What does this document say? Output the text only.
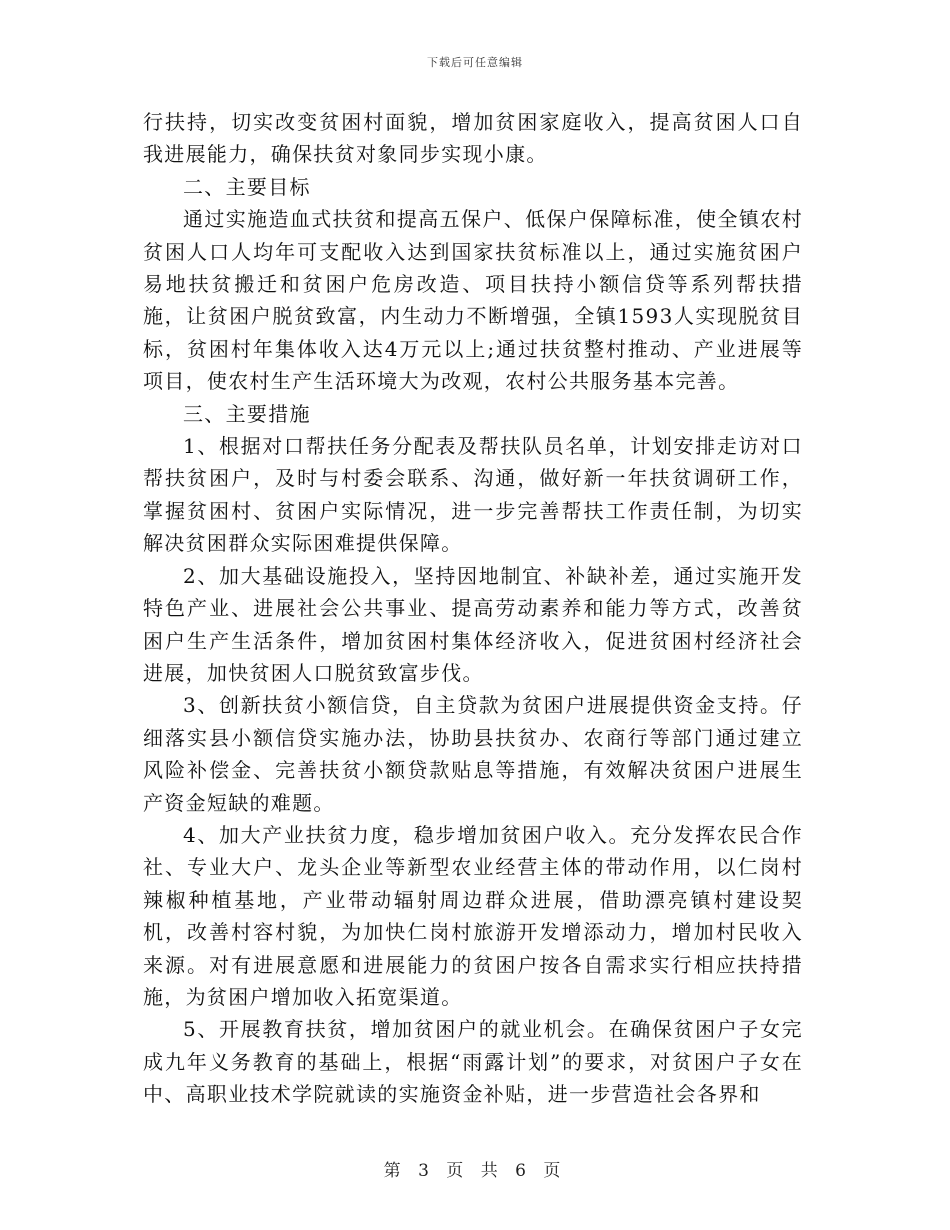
下载后可任意编辑

行扶持，切实改变贫困村面貌，增加贫困家庭收入，提高贫困人口自我进展能力，确保扶贫对象同步实现小康。

二、主要目标

通过实施造血式扶贫和提高五保户、低保户保障标准，使全镇农村贫困人口人均年可支配收入达到国家扶贫标准以上，通过实施贫困户易地扶贫搬迁和贫困户危房改造、项目扶持小额信贷等系列帮扶措施，让贫困户脱贫致富，内生动力不断增强，全镇1593人实现脱贫目标，贫困村年集体收入达4万元以上;通过扶贫整村推动、产业进展等项目，使农村生产生活环境大为改观，农村公共服务基本完善。

三、主要措施

1、根据对口帮扶任务分配表及帮扶队员名单，计划安排走访对口帮扶贫困户，及时与村委会联系、沟通，做好新一年扶贫调研工作，掌握贫困村、贫困户实际情况，进一步完善帮扶工作责任制，为切实解决贫困群众实际困难提供保障。

2、加大基础设施投入，坚持因地制宜、补缺补差，通过实施开发特色产业、进展社会公共事业、提高劳动素养和能力等方式，改善贫困户生产生活条件，增加贫困村集体经济收入，促进贫困村经济社会进展，加快贫困人口脱贫致富步伐。

3、创新扶贫小额信贷，自主贷款为贫困户进展提供资金支持。仔细落实县小额信贷实施办法，协助县扶贫办、农商行等部门通过建立风险补偿金、完善扶贫小额贷款贴息等措施，有效解决贫困户进展生产资金短缺的难题。

4、加大产业扶贫力度，稳步增加贫困户收入。充分发挥农民合作社、专业大户、龙头企业等新型农业经营主体的带动作用，以仁岗村辣椒种植基地，产业带动辐射周边群众进展，借助漂亮镇村建设契机，改善村容村貌，为加快仁岗村旅游开发增添动力，增加村民收入来源。对有进展意愿和进展能力的贫困户按各自需求实行相应扶持措施，为贫困户增加收入拓宽渠道。

5、开展教育扶贫，增加贫困户的就业机会。在确保贫困户子女完成九年义务教育的基础上，根据“雨露计划”的要求，对贫困户子女在中、高职业技术学院就读的实施资金补贴，进一步营造社会各界和

第 3 页 共 6 页
